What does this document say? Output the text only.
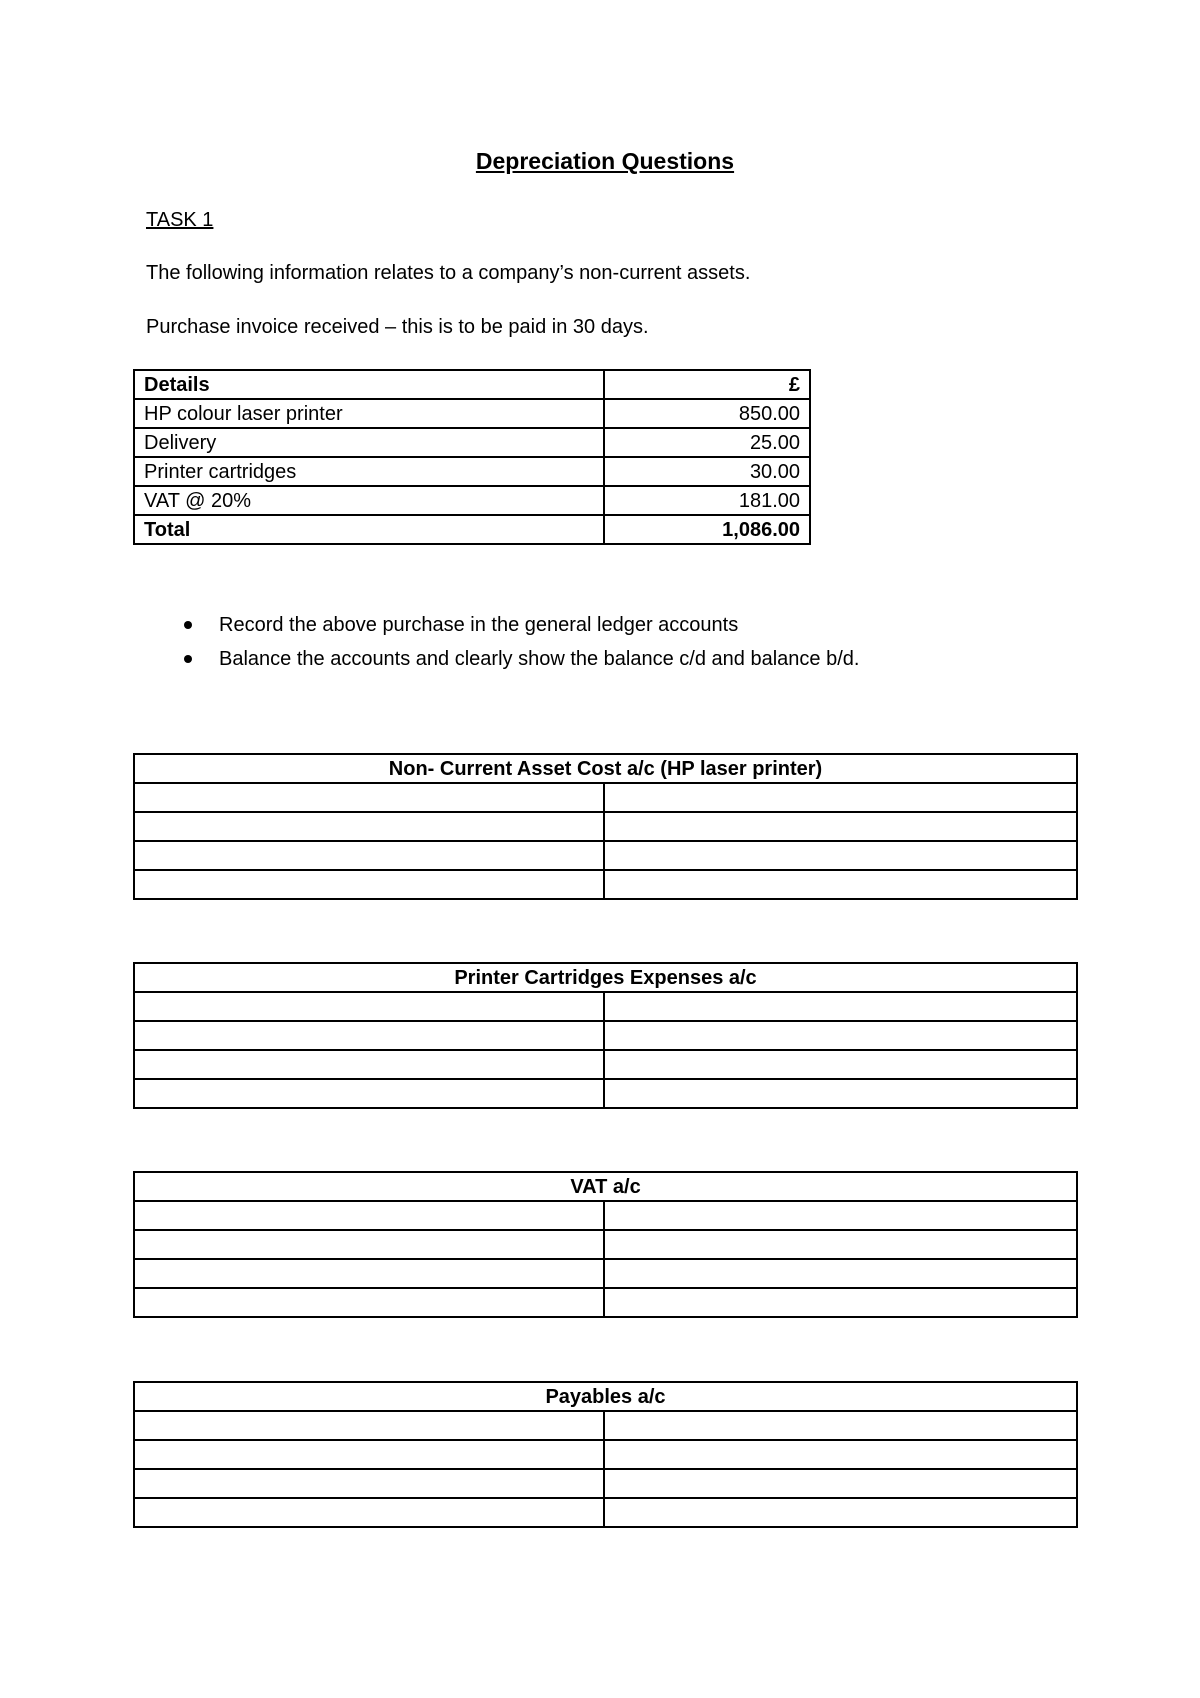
Depreciation Questions
TASK 1
The following information relates to a company’s non-current assets.
Purchase invoice received – this is to be paid in 30 days.
Details	£
HP colour laser printer	850.00
Delivery	25.00
Printer cartridges	30.00
VAT @ 20%	181.00
Total	1,086.00
Record the above purchase in the general ledger accounts
Balance the accounts and clearly show the balance c/d and balance b/d.
Non- Current Asset Cost a/c (HP laser printer)	

Printer Cartridges Expenses a/c	

VAT a/c	

Payables a/c	
